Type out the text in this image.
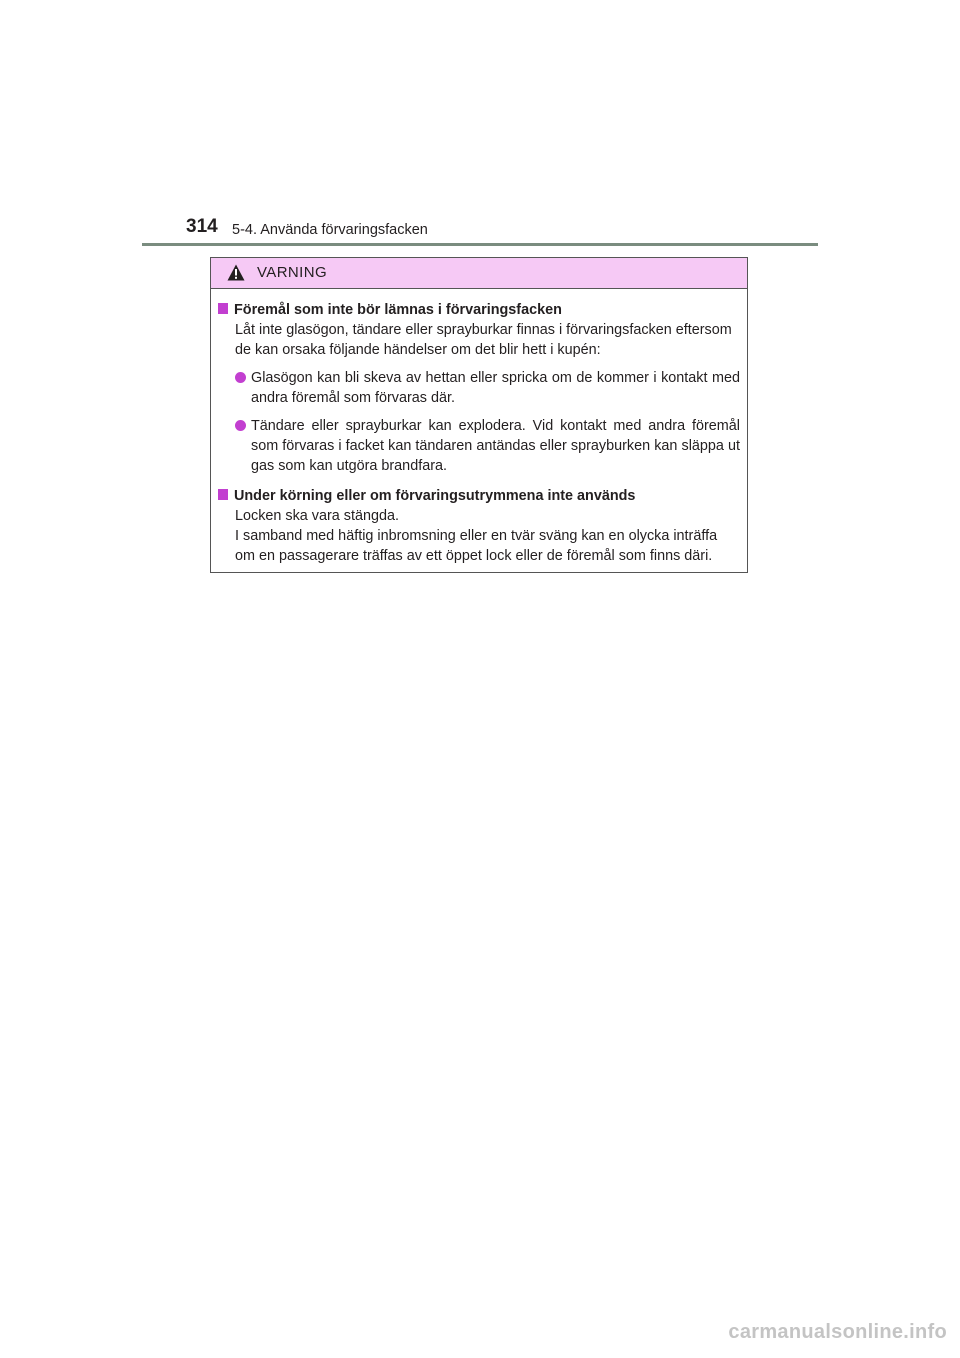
314 5-4. Använda förvaringsfacken
VARNING

Föremål som inte bör lämnas i förvaringsfacken

Låt inte glasögon, tändare eller sprayburkar finnas i förvaringsfacken eftersom
de kan orsaka följande händelser om det blir hett i kupén:

Glasögon kan bli skeva av hettan eller spricka om de kommer i kontakt med andra föremål som förvaras där.
Tändare eller sprayburkar kan explodera. Vid kontakt med andra föremål som förvaras i facket kan tändaren antändas eller sprayburken kan släppa ut gas som kan utgöra brandfara.

Under körning eller om förvaringsutrymmena inte används

Locken ska vara stängda.
I samband med häftig inbromsning eller en tvär sväng kan en olycka inträffa
om en passagerare träffas av ett öppet lock eller de föremål som finns däri.

carmanualsonline.info
